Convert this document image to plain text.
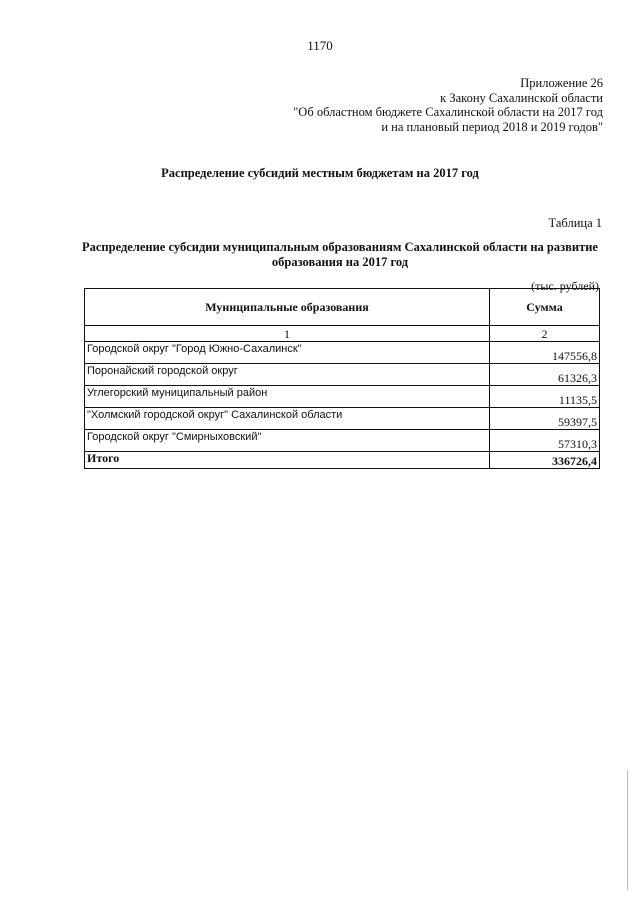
1170
Приложение 26
к Закону Сахалинской области
"Об областном бюджете Сахалинской области на 2017 год
и на плановый период 2018 и 2019 годов"
Распределение субсидий местным бюджетам на 2017 год
Таблица 1
Распределение субсидии муниципальным образованиям Сахалинской области на развитие образования на 2017 год
(тыс. рублей)
Муниципальные образования	Сумма
1	2
Городской округ "Город Южно-Сахалинск"	147556,8
Поронайский городской округ	61326,3
Углегорский муниципальный район	11135,5
"Холмский городской округ" Сахалинской области	59397,5
Городской округ "Смирныховский"	57310,3
Итого	336726,4
